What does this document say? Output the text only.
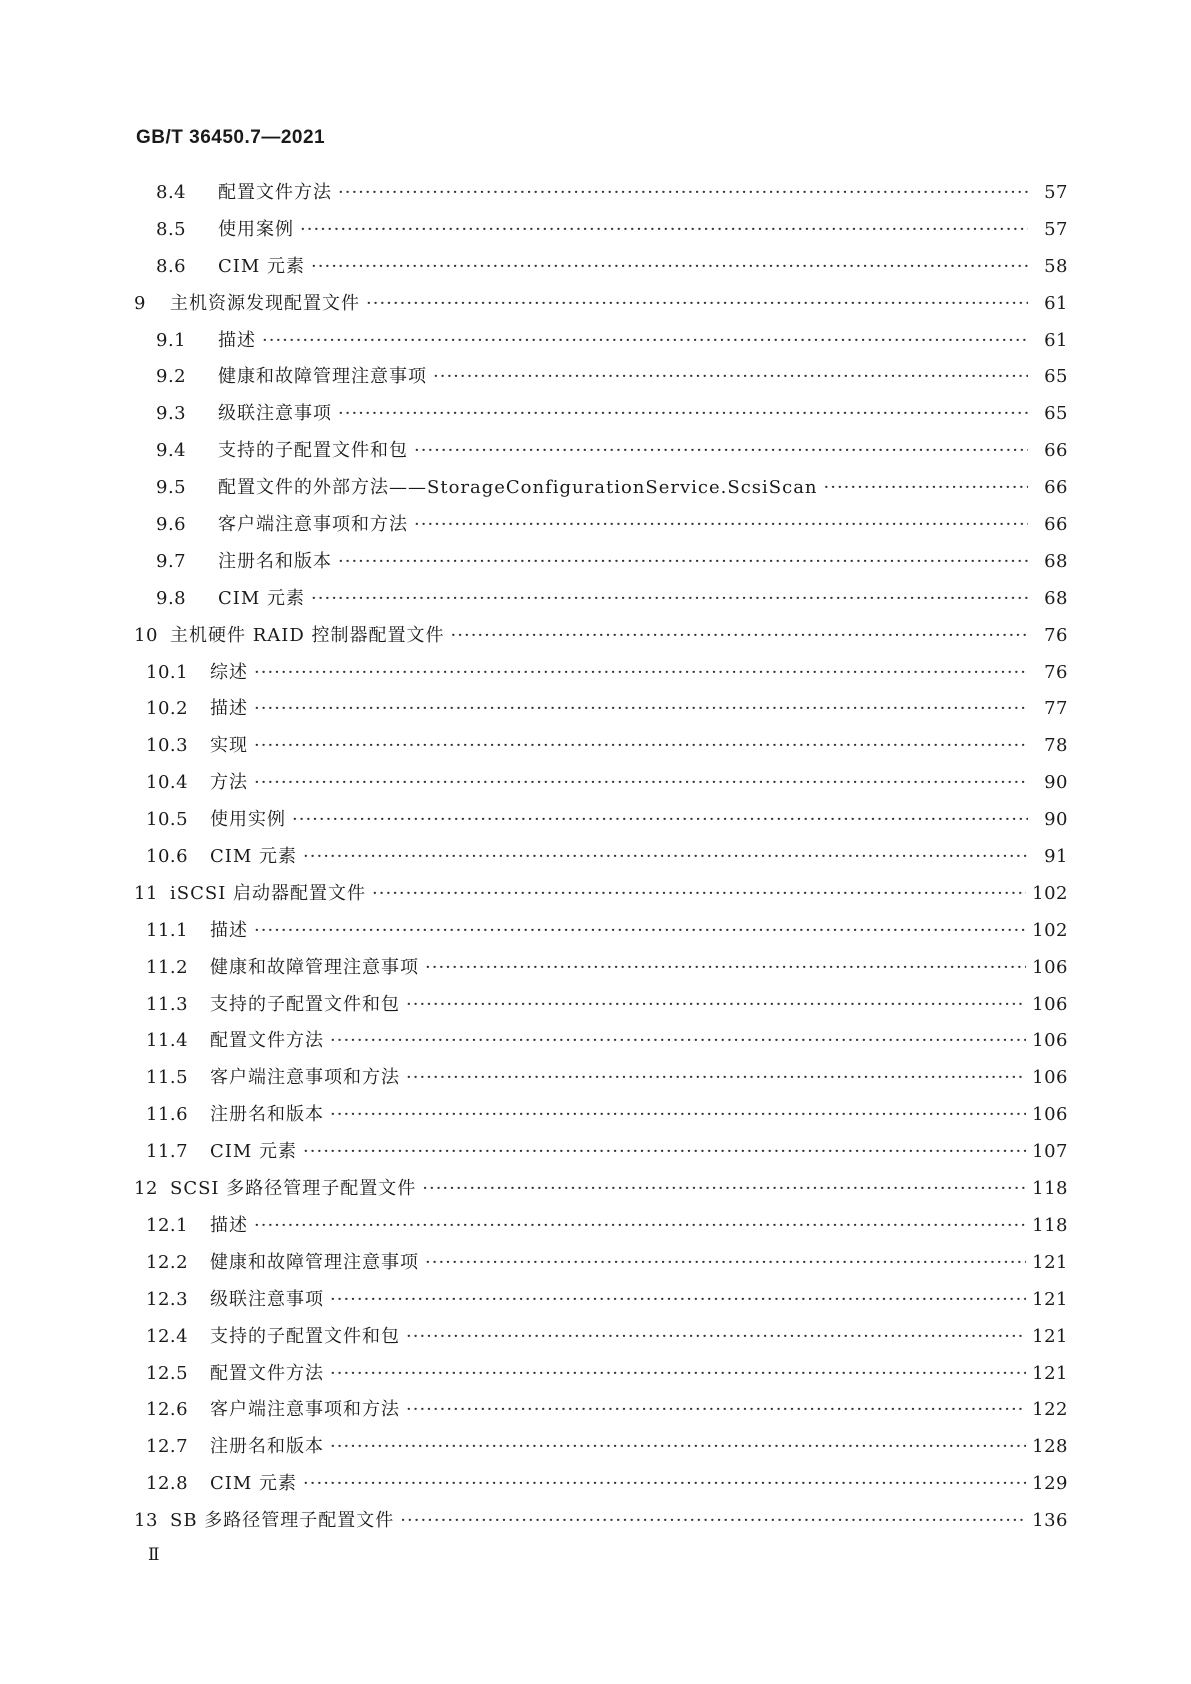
GB/T 36450.7—2021
8.4	配置文件方法 ·····	57
8.5	使用案例 ·····	57
8.6	CIM 元素 ·····	58
9	主机资源发现配置文件 ·····	61
9.1	描述 ·····	61
9.2	健康和故障管理注意事项 ·····	65
9.3	级联注意事项 ·····	65
9.4	支持的子配置文件和包 ·····	66
9.5	配置文件的外部方法——StorageConfigurationService.ScsiScan ·····	66
9.6	客户端注意事项和方法 ·····	66
9.7	注册名和版本 ·····	68
9.8	CIM 元素 ·····	68
10 主机硬件 RAID 控制器配置文件 ·····	76
10.1	综述 ·····	76
10.2	描述 ·····	77
10.3	实现 ·····	78
10.4	方法 ·····	90
10.5	使用实例 ·····	90
10.6	CIM 元素 ·····	91
11 iSCSI 启动器配置文件 ·····	102
11.1	描述 ·····	102
11.2	健康和故障管理注意事项 ·····	106
11.3	支持的子配置文件和包 ·····	106
11.4	配置文件方法 ·····	106
11.5	客户端注意事项和方法 ·····	106
11.6	注册名和版本 ·····	106
11.7	CIM 元素 ·····	107
12 SCSI 多路径管理子配置文件 ·····	118
12.1	描述 ·····	118
12.2	健康和故障管理注意事项 ·····	121
12.3	级联注意事项 ·····	121
12.4	支持的子配置文件和包 ·····	121
12.5	配置文件方法 ·····	121
12.6	客户端注意事项和方法 ·····	122
12.7	注册名和版本 ·····	128
12.8	CIM 元素 ·····	129
13 SB 多路径管理子配置文件 ·····	136
Ⅱ
